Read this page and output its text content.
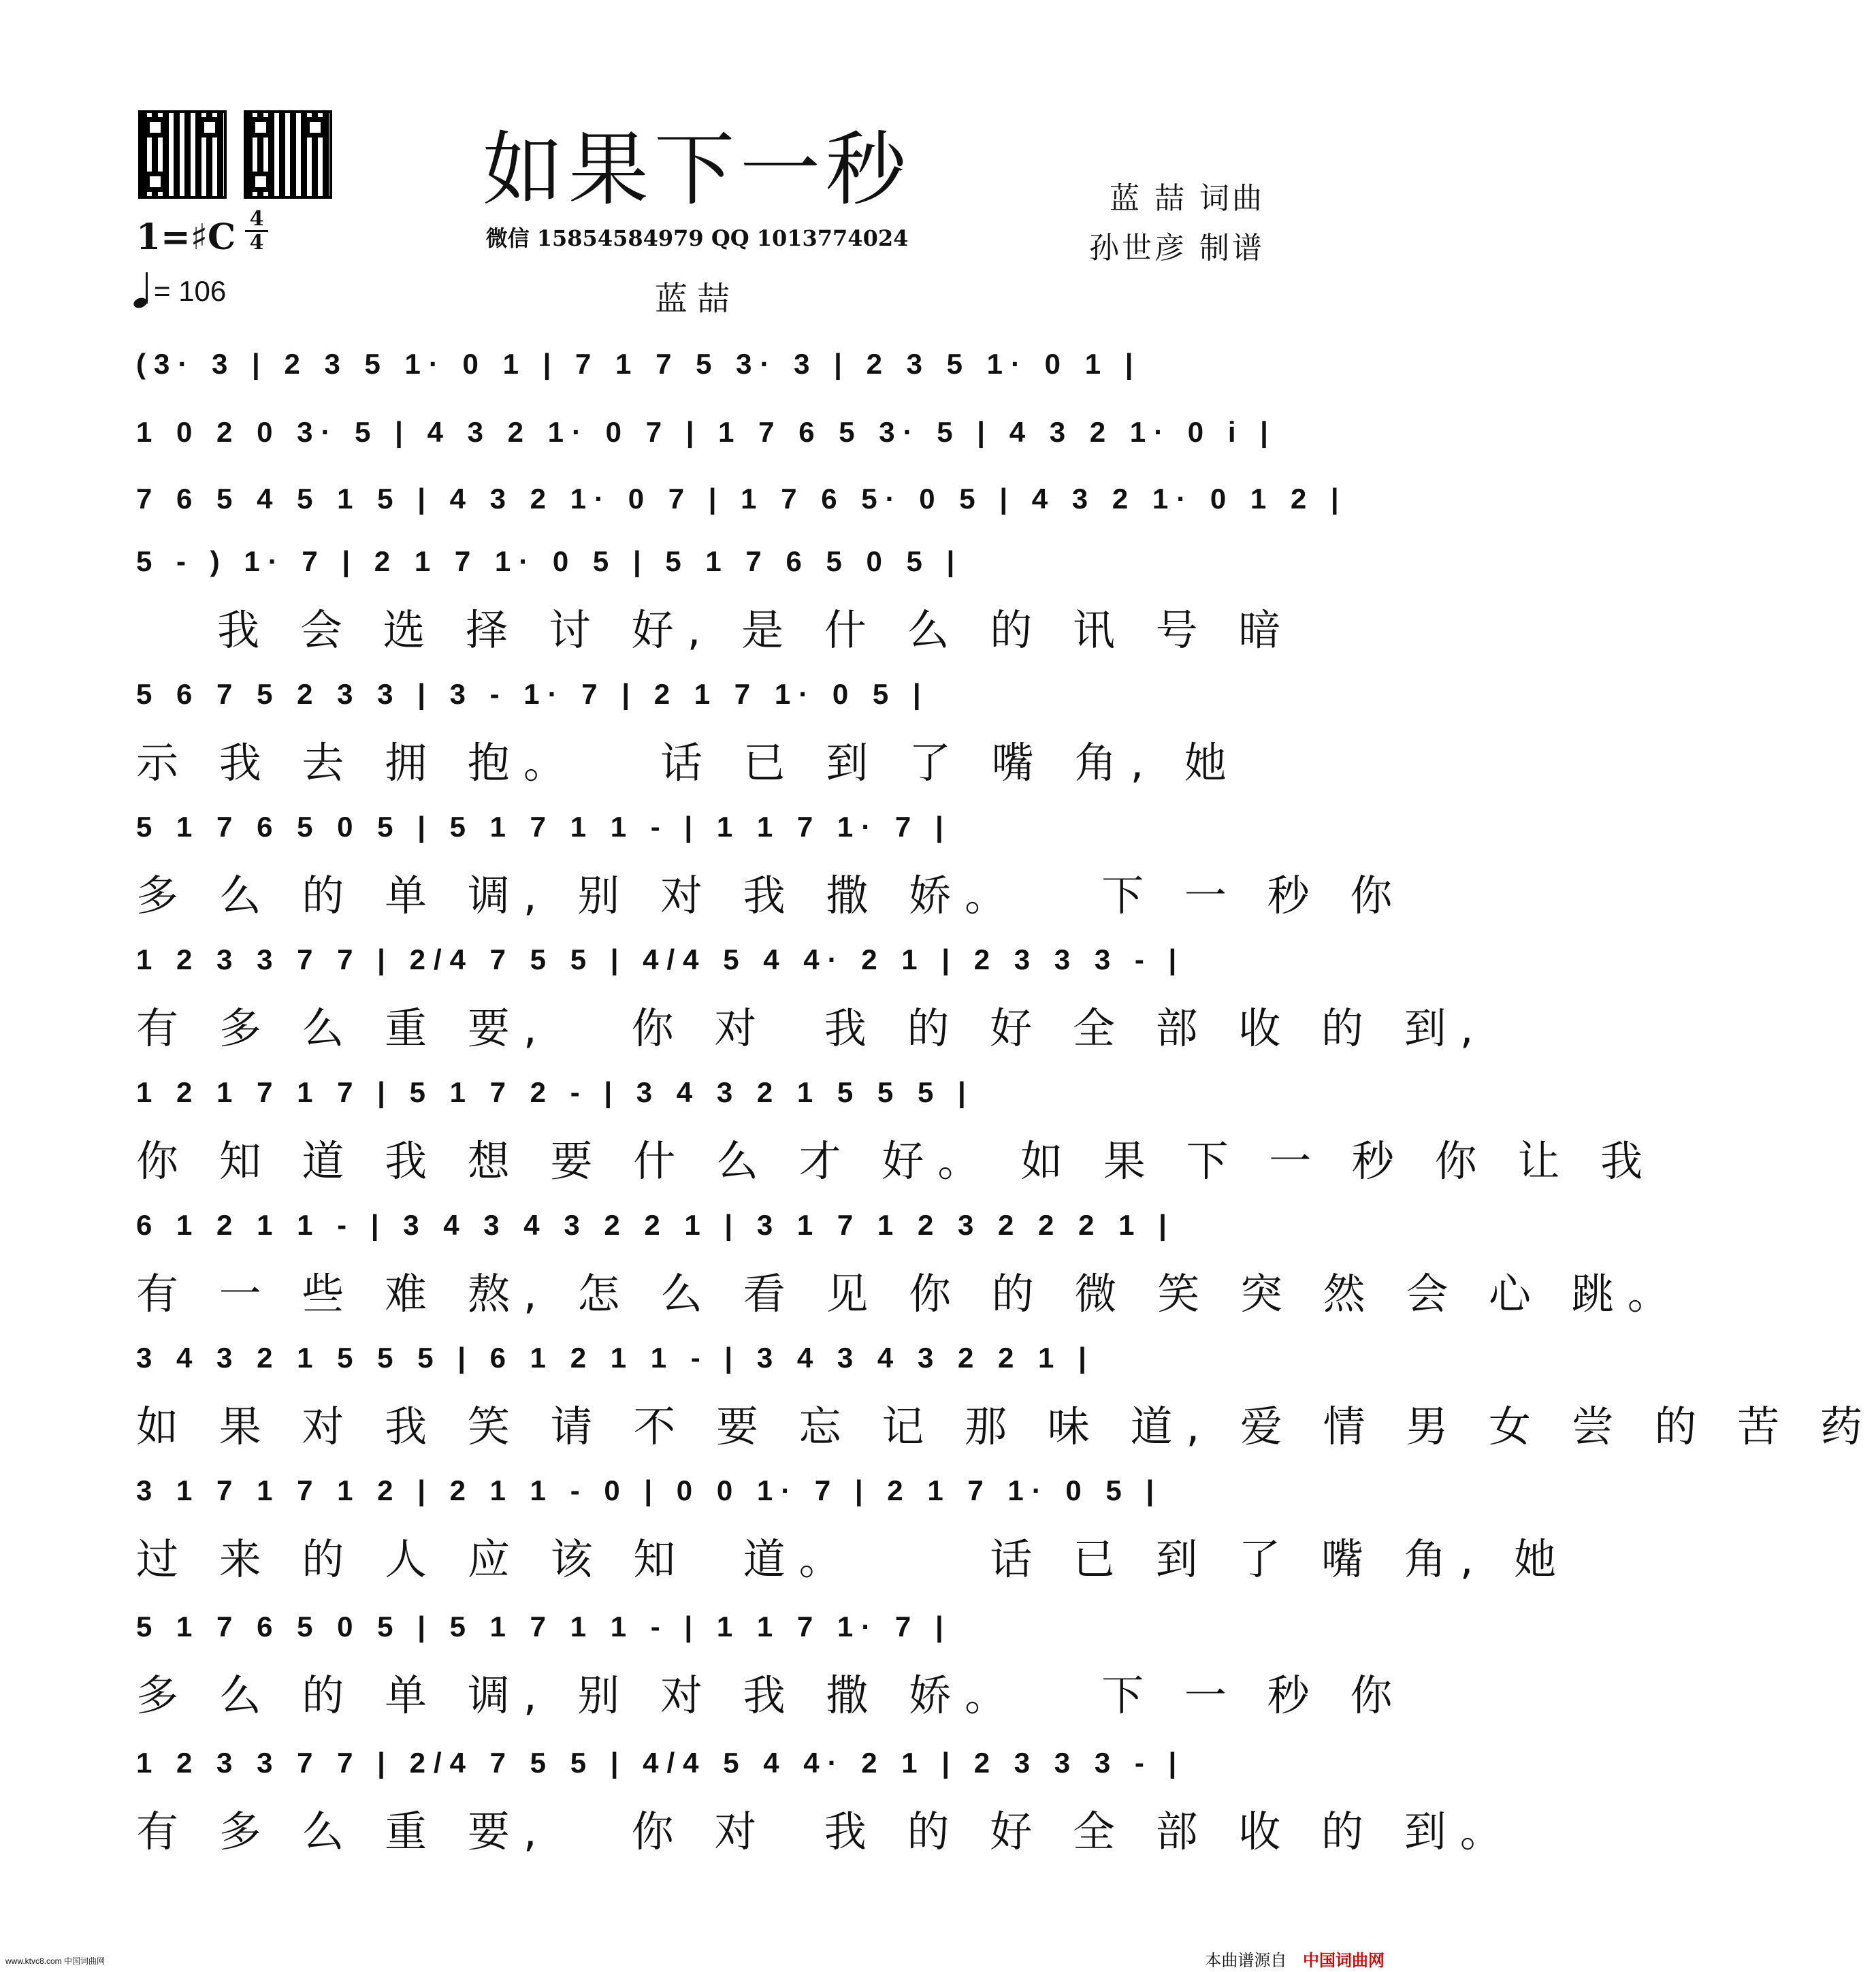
如果下一秒
微信 15854584979 QQ 1013774024
蓝喆
蓝 喆 词曲
孙世彦 制谱
1=♯C 4
4
= 106
(3· 3 | 2 3 5 1· 0 1 | 7 1 7 5 3· 3 | 2 3 5 1· 0 1 |
1 0 2 0 3· 5 | 4 3 2 1· 0 7 | 1 7 6 5 3· 5 | 4 3 2 1· 0 i |
7 6 5 4 5 1 5 | 4 3 2 1· 0 7 | 1 7 6 5· 0 5 | 4 3 2 1· 0 1 2 |
5 - ) 1· 7 | 2 1 7 1· 0 5 | 5 1 7 6 5 0 5 |
我 会 选 择 讨 好, 是 什 么 的 讯 号 暗
5 6 7 5 2 3 3 | 3 - 1· 7 | 2 1 7 1· 0 5 |
示 我 去 拥 抱。   话 已 到 了 嘴 角, 她
5 1 7 6 5 0 5 | 5 1 7 1 1 - | 1 1 7 1· 7 |
多 么 的 单 调, 别 对 我 撒 娇。   下 一 秒 你
1 2 3 3 7 7 | 2/4 7 5 5 | 4/4 5 4 4· 2 1 | 2 3 3 3 - |
有 多 么 重 要,   你 对  我 的 好 全 部 收 的 到,
1 2 1 7 1 7 | 5 1 7 2 - | 3 4 3 2 1 5 5 5 |
你 知 道 我 想 要 什 么 才 好。 如 果 下 一 秒 你 让 我
6 1 2 1 1 - | 3 4 3 4 3 2 2 1 | 3 1 7 1 2 3 2 2 2 1 |
有 一 些 难 熬, 怎 么 看 见 你 的 微 笑 突 然 会 心 跳。
3 4 3 2 1 5 5 5 | 6 1 2 1 1 - | 3 4 3 4 3 2 2 1 |
如 果 对 我 笑 请 不 要 忘 记 那 味 道, 爱 情 男 女 尝 的 苦 药
3 1 7 1 7 1 2 | 2 1 1 - 0 | 0 0 1· 7 | 2 1 7 1· 0 5 |
过 来 的 人 应 该 知  道。     话 已 到 了 嘴 角, 她
5 1 7 6 5 0 5 | 5 1 7 1 1 - | 1 1 7 1· 7 |
多 么 的 单 调, 别 对 我 撒 娇。   下 一 秒 你
1 2 3 3 7 7 | 2/4 7 5 5 | 4/4 5 4 4· 2 1 | 2 3 3 3 - |
有 多 么 重 要,   你 对  我 的 好 全 部 收 的 到。
www.ktvc8.com 中国词曲网	本曲谱源自 中国词曲网
